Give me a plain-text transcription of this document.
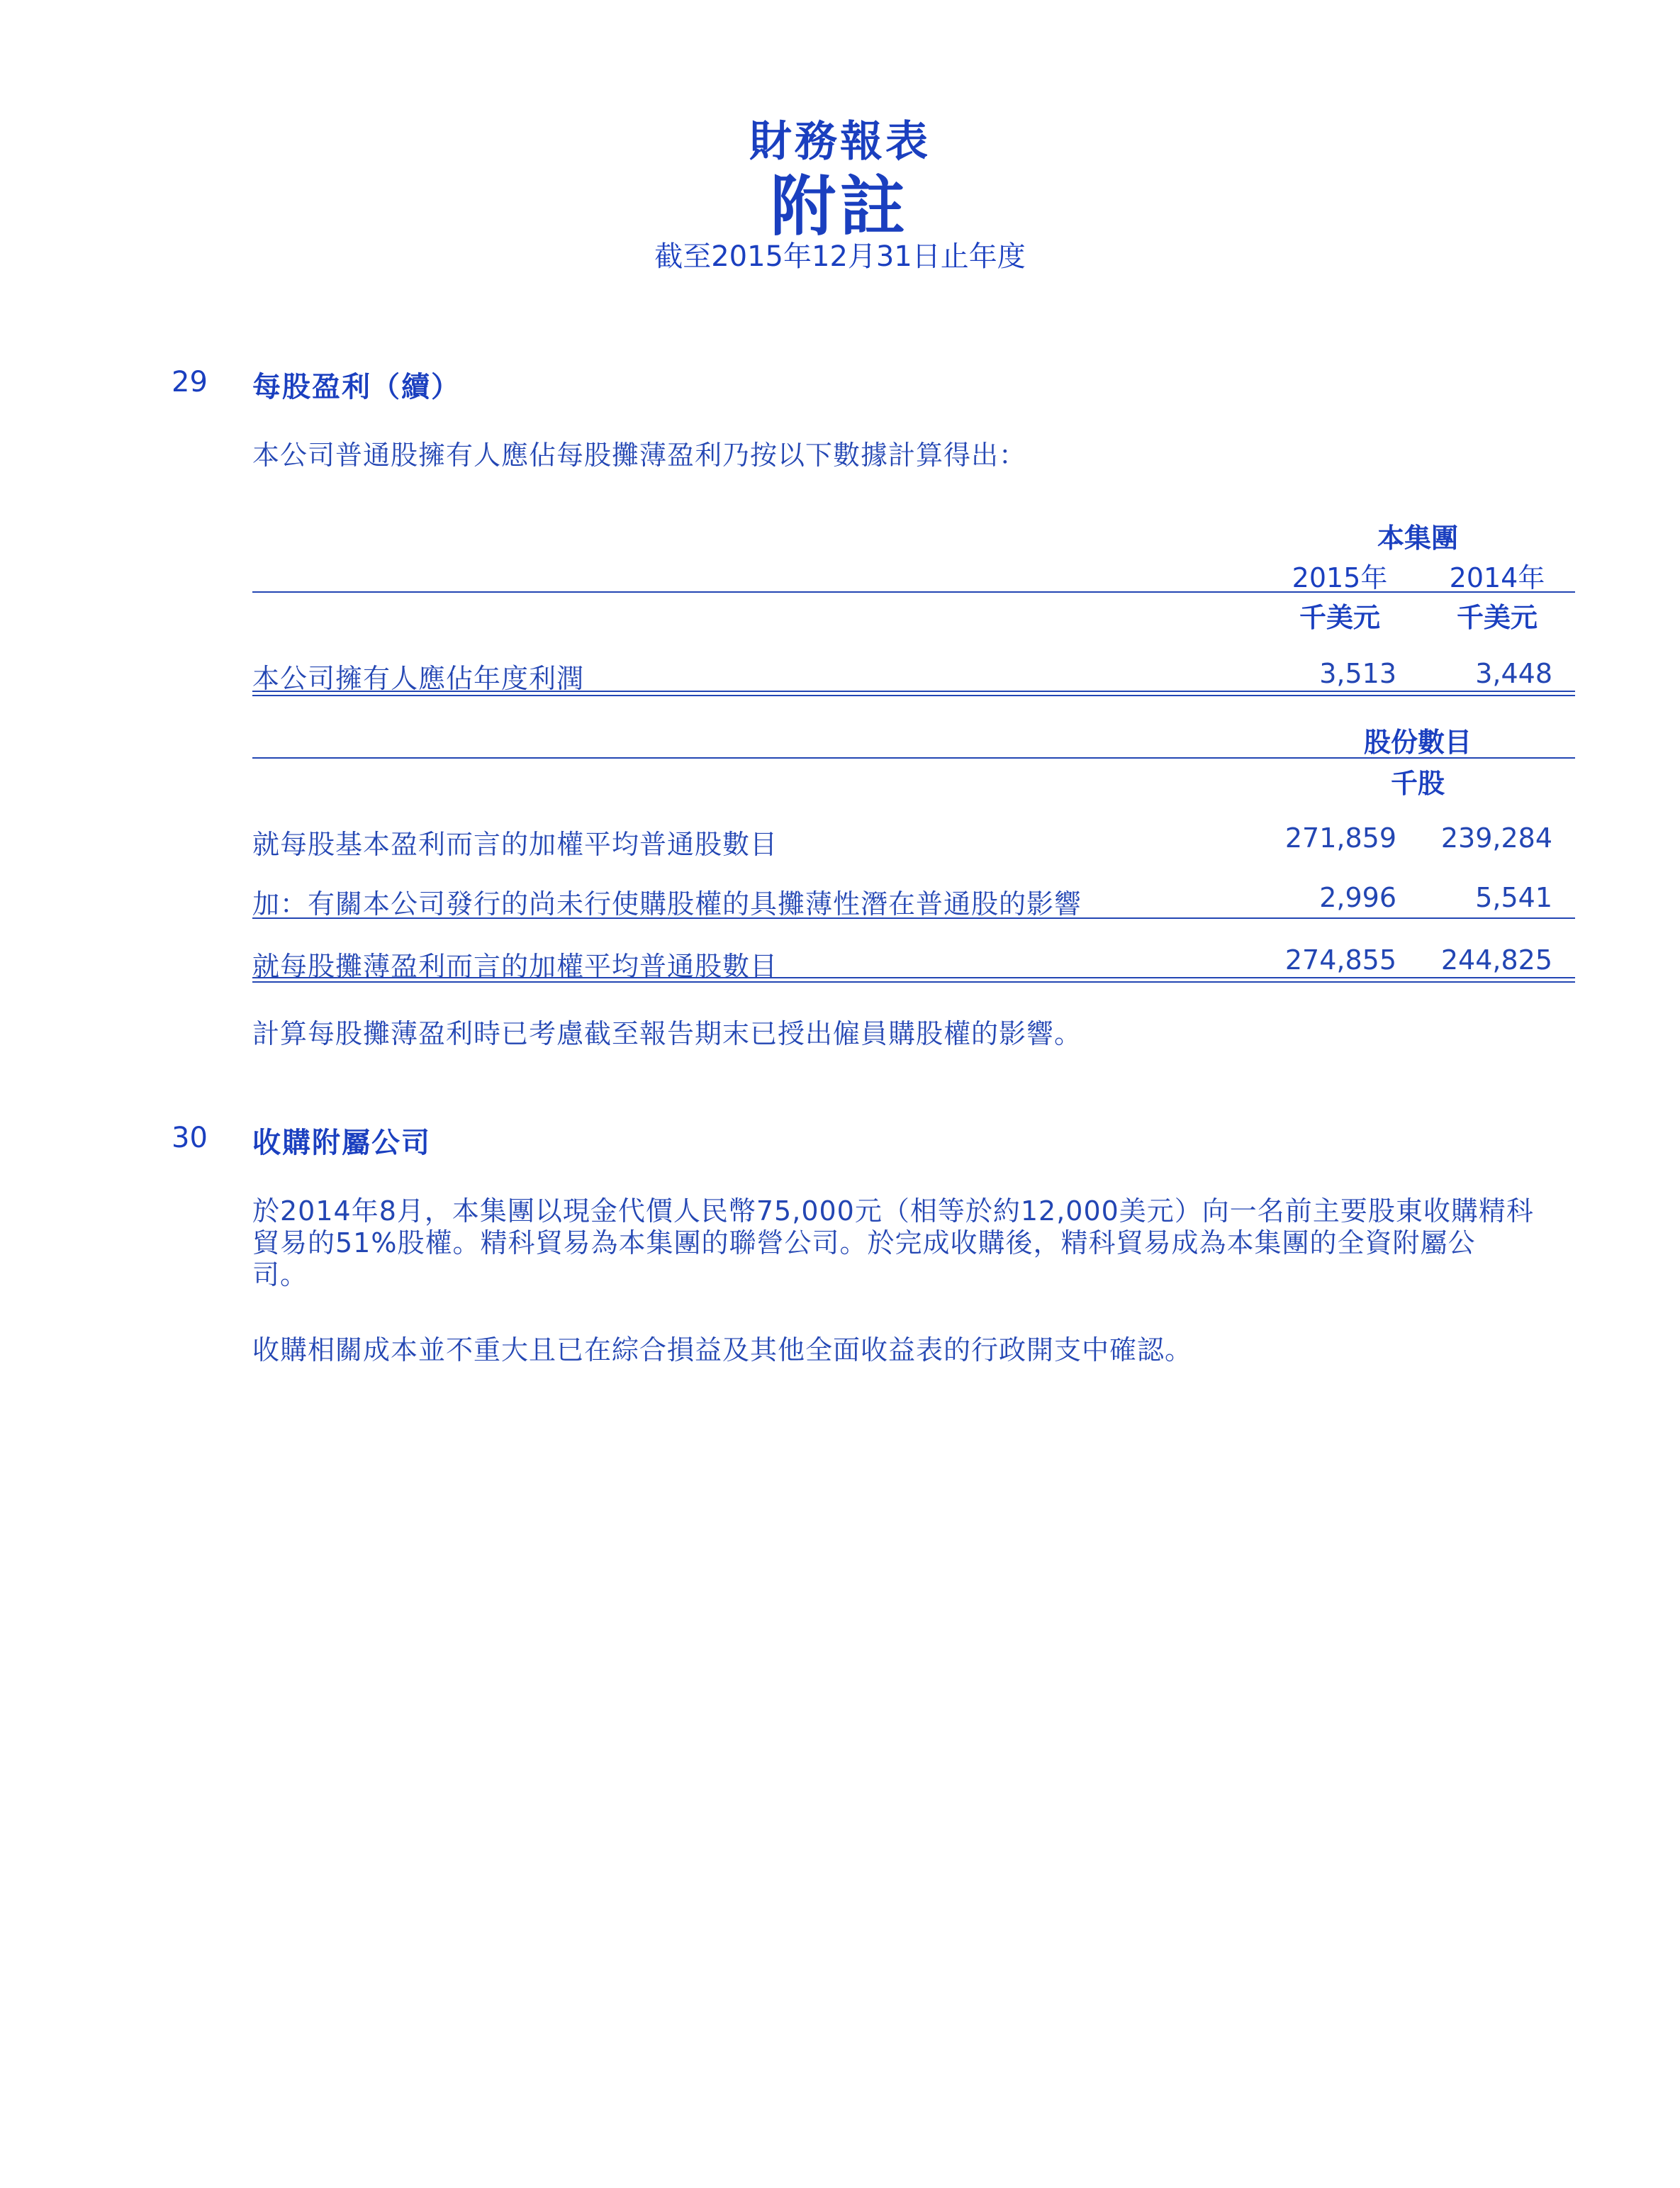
財務報表
附註
截至2015年12月31日止年度
29 每股盈利（續）
本公司普通股擁有人應佔每股攤薄盈利乃按以下數據計算得出：
本集團
2015年	2014年
千美元	千美元
本公司擁有人應佔年度利潤	3,513	3,448
股份數目
千股
就每股基本盈利而言的加權平均普通股數目	271,859	239,284
加：有關本公司發行的尚未行使購股權的具攤薄性潛在普通股的影響	2,996	5,541
就每股攤薄盈利而言的加權平均普通股數目	274,855	244,825
計算每股攤薄盈利時已考慮截至報告期末已授出僱員購股權的影響。
30 收購附屬公司
於2014年8月，本集團以現金代價人民幣75,000元（相等於約12,000美元）向一名前主要股東收購精科
貿易的51%股權。精科貿易為本集團的聯營公司。於完成收購後，精科貿易成為本集團的全資附屬公
司。
收購相關成本並不重大且已在綜合損益及其他全面收益表的行政開支中確認。
